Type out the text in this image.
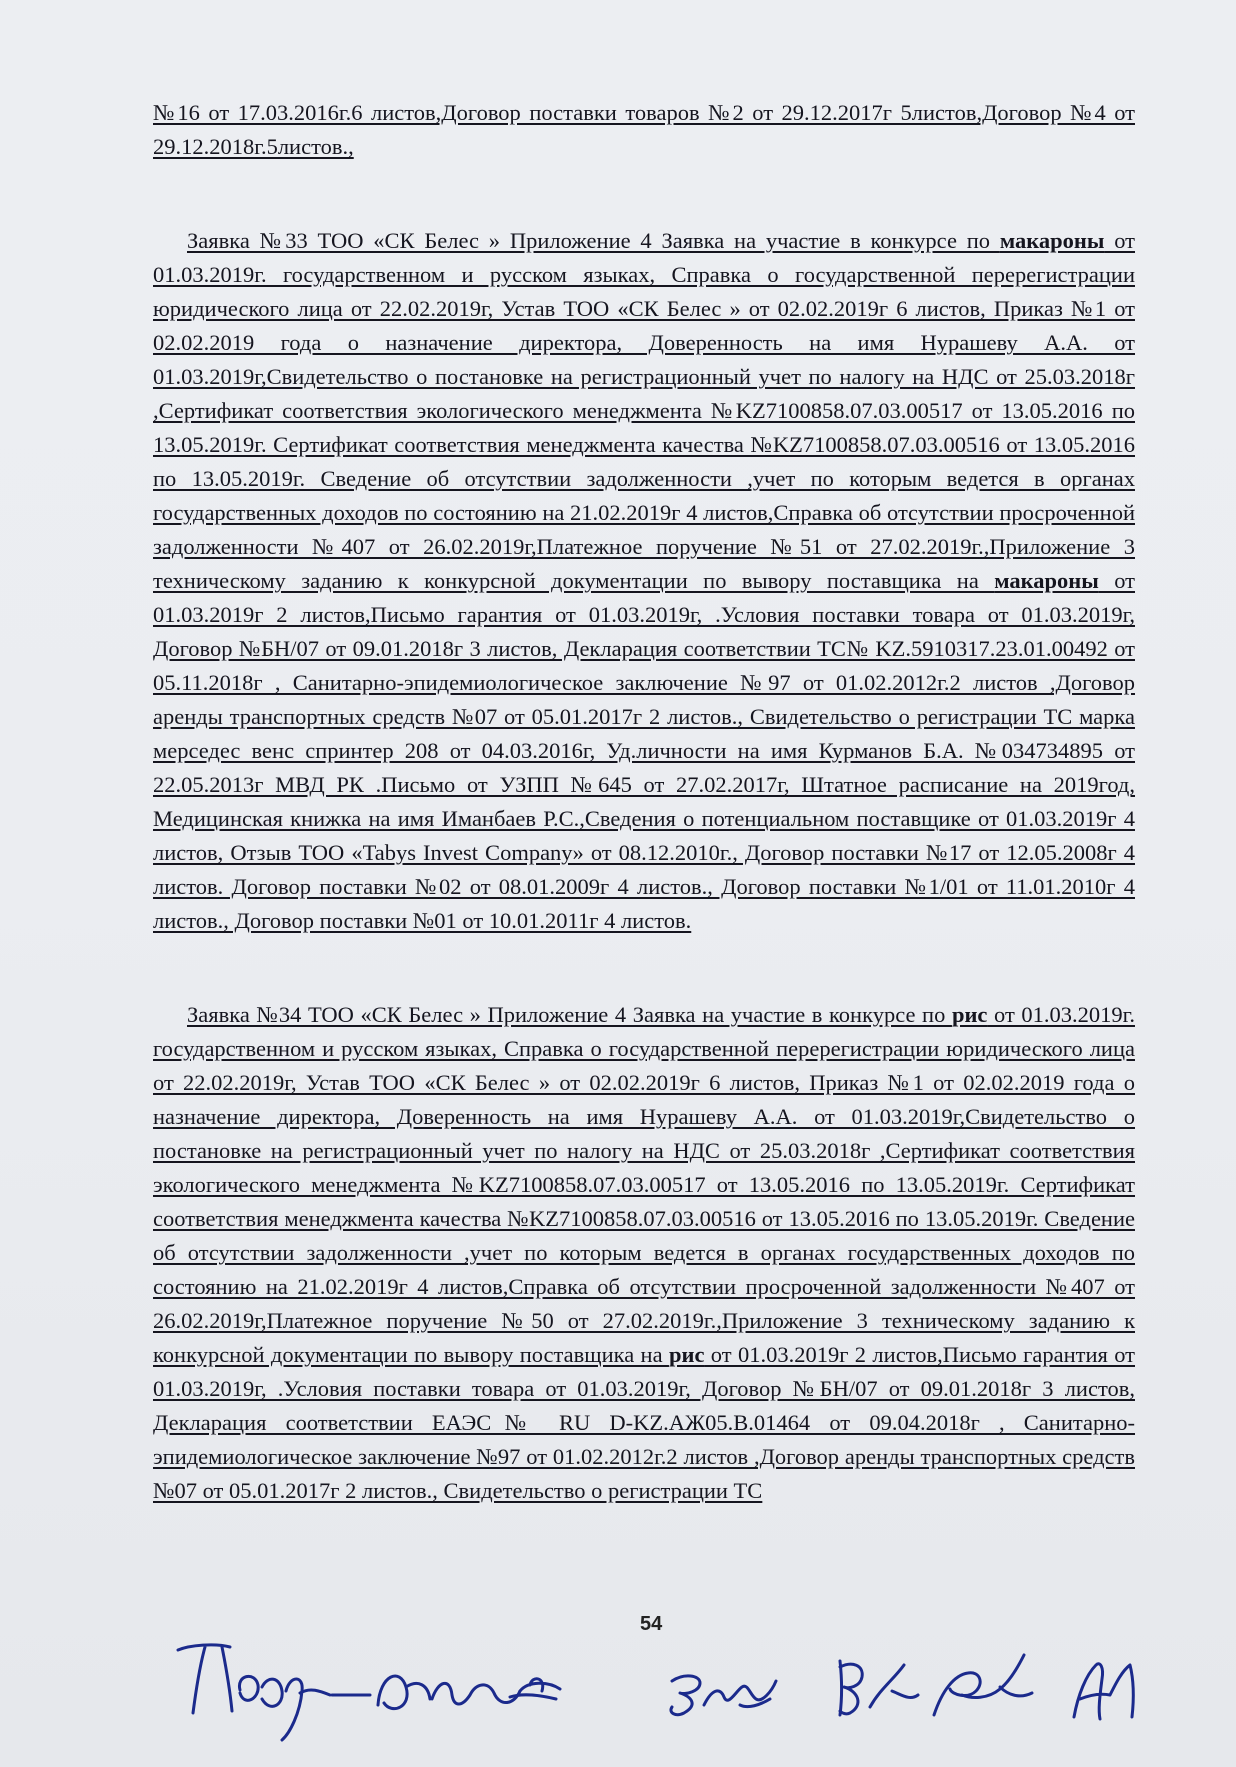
№16 от 17.03.2016г.6 листов,Договор поставки товаров №2 от 29.12.2017г 5листов,Договор №4 от 29.12.2018г.5листов.,

Заявка №33 ТОО «СК Белес » Приложение 4 Заявка на участие в конкурсе по макароны от 01.03.2019г. государственном и русском языках, Справка о государственной перерегистрации юридического лица от 22.02.2019г, Устав ТОО «СК Белес » от 02.02.2019г 6 листов, Приказ №1 от 02.02.2019 года о назначение директора, Доверенность на имя Нурашеву А.А. от 01.03.2019г,Свидетельство о постановке на регистрационный учет по налогу на НДС от 25.03.2018г ,Сертификат соответствия экологического менеджмента №KZ7100858.07.03.00517 от 13.05.2016 по 13.05.2019г. Сертификат соответствия менеджмента качества №KZ7100858.07.03.00516 от 13.05.2016 по 13.05.2019г. Сведение об отсутствии задолженности ,учет по которым ведется в органах государственных доходов по состоянию на 21.02.2019г 4 листов,Справка об отсутствии просроченной задолженности №407 от 26.02.2019г,Платежное поручение №51 от 27.02.2019г.,Приложение 3 техническому заданию к конкурсной документации по вывору поставщика на макароны от 01.03.2019г 2 листов,Письмо гарантия от 01.03.2019г, .Условия поставки товара от 01.03.2019г, Договор №БН/07 от 09.01.2018г 3 листов, Декларация соответствии ТС№ KZ.5910317.23.01.00492 от 05.11.2018г , Санитарно-эпидемиологическое заключение №97 от 01.02.2012г.2 листов ,Договор аренды транспортных средств №07 от 05.01.2017г 2 листов., Свидетельство о регистрации ТС марка мерседес венс спринтер 208 от 04.03.2016г, Уд.личности на имя Курманов Б.А. №034734895 от 22.05.2013г МВД РК .Письмо от УЗПП №645 от 27.02.2017г, Штатное расписание на 2019год, Медицинская книжка на имя Иманбаев Р.С.,Сведения о потенциальном поставщике от 01.03.2019г 4 листов, Отзыв ТОО «Tabys Invest Company» от 08.12.2010г., Договор поставки №17 от 12.05.2008г 4 листов. Договор поставки №02 от 08.01.2009г 4 листов., Договор поставки №1/01 от 11.01.2010г 4 листов., Договор поставки №01 от 10.01.2011г 4 листов.

Заявка №34 ТОО «СК Белес » Приложение 4 Заявка на участие в конкурсе по рис от 01.03.2019г. государственном и русском языках, Справка о государственной перерегистрации юридического лица от 22.02.2019г, Устав ТОО «СК Белес » от 02.02.2019г 6 листов, Приказ №1 от 02.02.2019 года о назначение директора, Доверенность на имя Нурашеву А.А. от 01.03.2019г,Свидетельство о постановке на регистрационный учет по налогу на НДС от 25.03.2018г ,Сертификат соответствия экологического менеджмента №KZ7100858.07.03.00517 от 13.05.2016 по 13.05.2019г. Сертификат соответствия менеджмента качества №KZ7100858.07.03.00516 от 13.05.2016 по 13.05.2019г. Сведение об отсутствии задолженности ,учет по которым ведется в органах государственных доходов по состоянию на 21.02.2019г 4 листов,Справка об отсутствии просроченной задолженности №407 от 26.02.2019г,Платежное поручение №50 от 27.02.2019г.,Приложение 3 техническому заданию к конкурсной документации по вывору поставщика на рис от 01.03.2019г 2 листов,Письмо гарантия от 01.03.2019г, .Условия поставки товара от 01.03.2019г, Договор №БН/07 от 09.01.2018г 3 листов, Декларация соответствии ЕАЭС№ RU D-KZ.АЖ05.В.01464 от 09.04.2018г , Санитарно-эпидемиологическое заключение №97 от 01.02.2012г.2 листов ,Договор аренды транспортных средств №07 от 05.01.2017г 2 листов., Свидетельство о регистрации ТС

54
